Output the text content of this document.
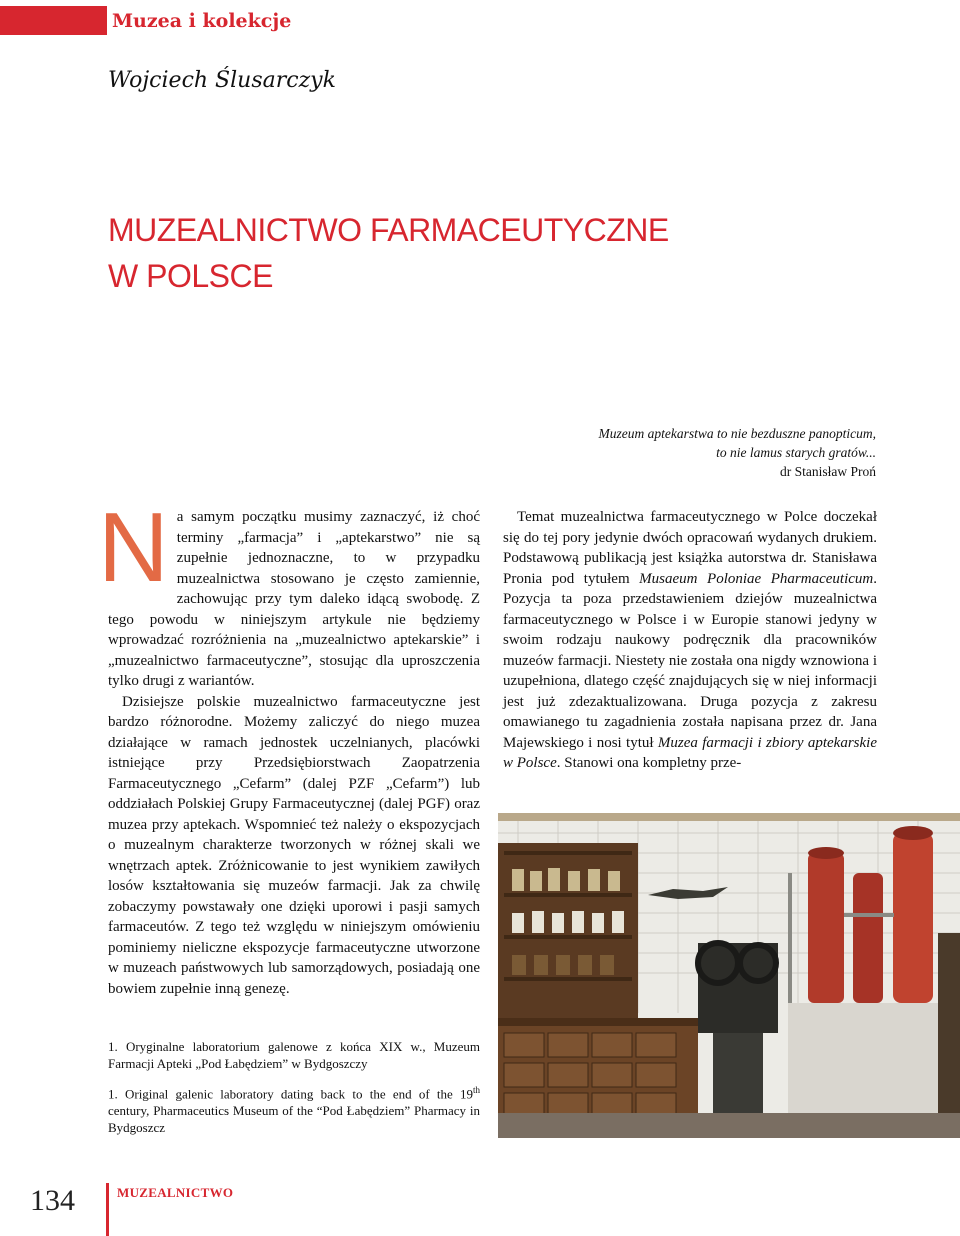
Muzea i kolekcje
Wojciech Ślusarczyk
MUZEALNICTWO FARMACEUTYCZNE
W POLSCE
Muzeum aptekarstwa to nie bezduszne panopticum,
to nie lamus starych gratów...
dr Stanisław Proń
N a samym początku musimy zaznaczyć, iż choć terminy „farmacja” i „aptekarstwo” nie są zupełnie jednoznaczne, to w przypadku muzealnictwa stosowano je często zamiennie, zachowując przy tym daleko idącą swobodę. Z tego powodu w niniejszym artykule nie będziemy wprowadzać rozróżnienia na „muzealnictwo aptekarskie” i „muzealnictwo farmaceutyczne”, stosując dla uproszczenia tylko drugi z wariantów.

Dzisiejsze polskie muzealnictwo farmaceutyczne jest bardzo różnorodne. Możemy zaliczyć do niego muzea działające w ramach jednostek uczelnianych, placówki istniejące przy Przedsiębiorstwach Zaopatrzenia Farmaceutycznego „Cefarm” (dalej PZF „Cefarm”) lub oddziałach Polskiej Grupy Farmaceutycznej (dalej PGF) oraz muzea przy aptekach. Wspomnieć też należy o ekspozycjach o muzealnym charakterze tworzonych w różnej skali we wnętrzach aptek. Zróżnicowanie to jest wynikiem zawiłych losów kształtowania się muzeów farmacji. Jak za chwilę zobaczymy powstawały one dzięki uporowi i pasji samych farmaceutów. Z tego też względu w niniejszym omówieniu pominiemy nieliczne ekspozycje farmaceutyczne utworzone w muzeach państwowych lub samorządowych, posiadają one bowiem zupełnie inną genezę.

Temat muzealnictwa farmaceutycznego w Polce doczekał się do tej pory jedynie dwóch opracowań wydanych drukiem. Podstawową publikacją jest książka autorstwa dr. Stanisława Pronia pod tytułem Musaeum Poloniae Pharmaceuticum. Pozycja ta poza przedstawieniem dziejów muzealnictwa farmaceutycznego w Polsce i w Europie stanowi jedyny w swoim rodzaju naukowy podręcznik dla pracowników muzeów farmacji. Niestety nie została ona nigdy wznowiona i uzupełniona, dlatego część znajdujących się w niej informacji jest już zdezaktualizowana. Druga pozycja z zakresu omawianego tu zagadnienia została napisana przez dr. Jana Majewskiego i nosi tytuł Muzea farmacji i zbiory aptekarskie w Polsce. Stanowi ona kompletny prze-

1. Oryginalne laboratorium galenowe z końca XIX w., Muzeum Farmacji Apteki „Pod Łabędziem” w Bydgoszczy
1. Original galenic laboratory dating back to the end of the 19th century, Pharmaceutics Museum of the “Pod Łabędziem” Pharmacy in Bydgoszcz
134	MUZEALNICTWO
